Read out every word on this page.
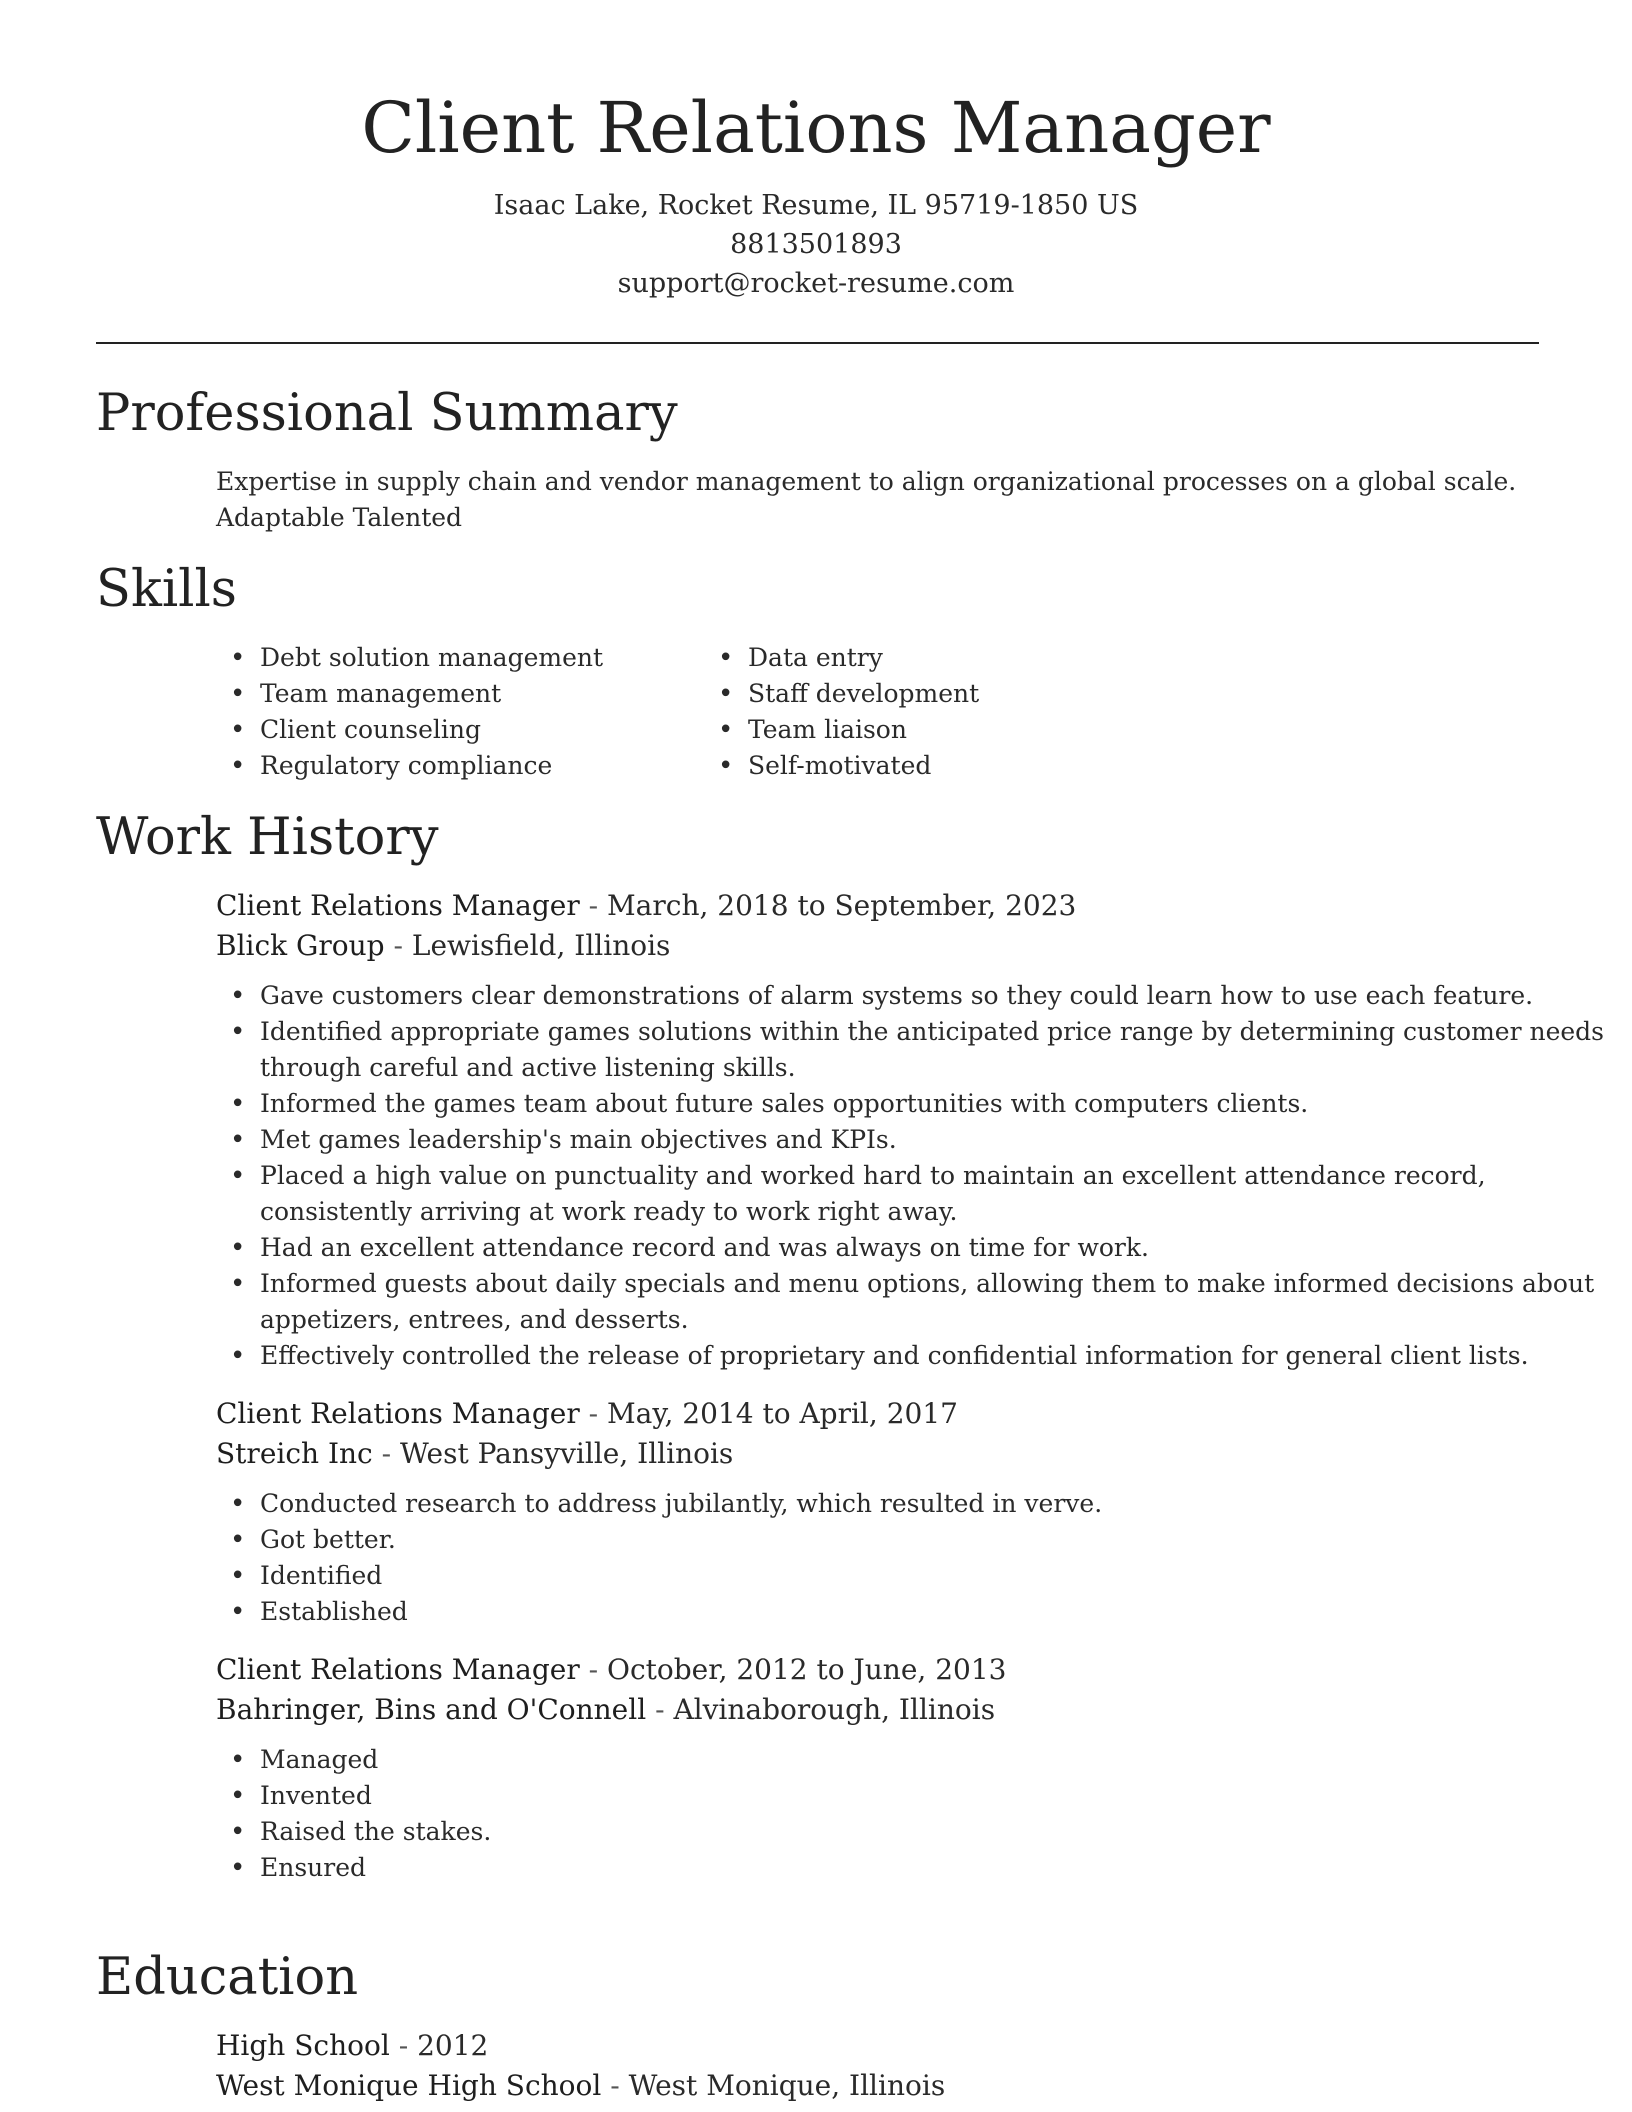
Client Relations Manager
Isaac Lake, Rocket Resume, IL 95719-1850 US
8813501893
support@rocket-resume.com
Professional Summary

Expertise in supply chain and vendor management to align organizational processes on a global scale. Adaptable Talented

Skills
• Debt solution management
• Team management
• Client counseling
• Regulatory compliance
• Data entry
• Staff development
• Team liaison
• Self-motivated
Work History
Client Relations Manager - March, 2018 to September, 2023
Blick Group - Lewisfield, Illinois
• Gave customers clear demonstrations of alarm systems so they could learn how to use each feature.
• Identified appropriate games solutions within the anticipated price range by determining customer needs through careful and active listening skills.
• Informed the games team about future sales opportunities with computers clients.
• Met games leadership's main objectives and KPIs.
• Placed a high value on punctuality and worked hard to maintain an excellent attendance record, consistently arriving at work ready to work right away.
• Had an excellent attendance record and was always on time for work.
• Informed guests about daily specials and menu options, allowing them to make informed decisions about appetizers, entrees, and desserts.
• Effectively controlled the release of proprietary and confidential information for general client lists.
Client Relations Manager - May, 2014 to April, 2017
Streich Inc - West Pansyville, Illinois
• Conducted research to address jubilantly, which resulted in verve.
• Got better.
• Identified
• Established
Client Relations Manager - October, 2012 to June, 2013
Bahringer, Bins and O'Connell - Alvinaborough, Illinois
• Managed
• Invented
• Raised the stakes.
• Ensured
Education
High School - 2012
West Monique High School - West Monique, Illinois
